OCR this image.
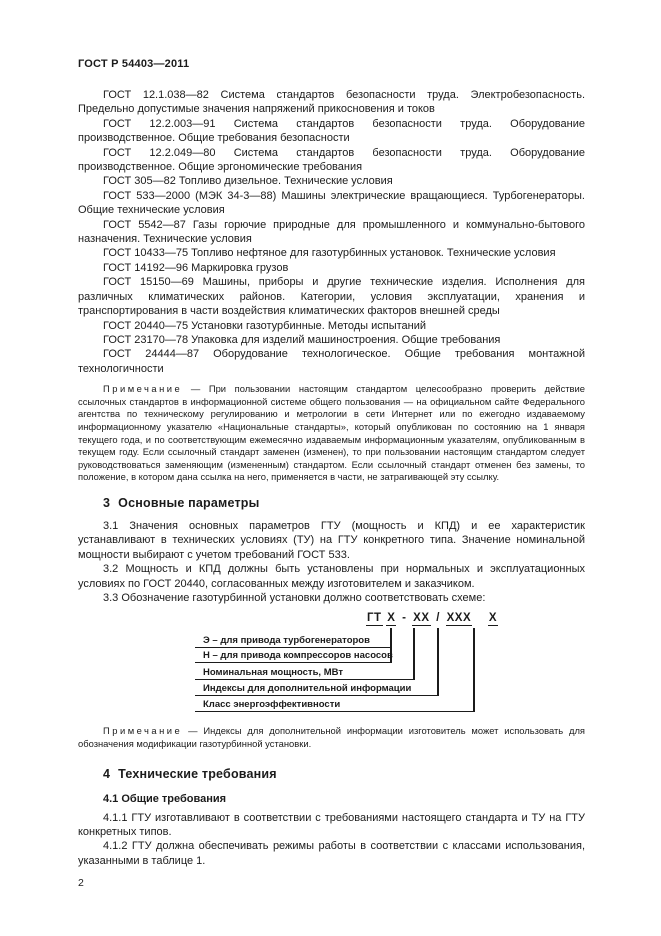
ГОСТ Р 54403—2011

ГОСТ 12.1.038—82 Система стандартов безопасности труда. Электробезопасность. Предельно допустимые значения напряжений прикосновения и токов

ГОСТ 12.2.003—91 Система стандартов безопасности труда. Оборудование производственное. Общие требования безопасности

ГОСТ 12.2.049—80 Система стандартов безопасности труда. Оборудование производственное. Общие эргономические требования

ГОСТ 305—82 Топливо дизельное. Технические условия

ГОСТ 533—2000 (МЭК 34-3—88) Машины электрические вращающиеся. Турбогенераторы. Общие технические условия

ГОСТ 5542—87 Газы горючие природные для промышленного и коммунально-бытового назначения. Технические условия

ГОСТ 10433—75 Топливо нефтяное для газотурбинных установок. Технические условия

ГОСТ 14192—96 Маркировка грузов

ГОСТ 15150—69 Машины, приборы и другие технические изделия. Исполнения для различных климатических районов. Категории, условия эксплуатации, хранения и транспортирования в части воздействия климатических факторов внешней среды

ГОСТ 20440—75 Установки газотурбинные. Методы испытаний

ГОСТ 23170—78 Упаковка для изделий машиностроения. Общие требования

ГОСТ 24444—87 Оборудование технологическое. Общие требования монтажной технологичности

Примечание — При пользовании настоящим стандартом целесообразно проверить действие ссылочных стандартов в информационной системе общего пользования — на официальном сайте Федерального агентства по техническому регулированию и метрологии в сети Интернет или по ежегодно издаваемому информационному указателю «Национальные стандарты», который опубликован по состоянию на 1 января текущего года, и по соответствующим ежемесячно издаваемым информационным указателям, опубликованным в текущем году. Если ссылочный стандарт заменен (изменен), то при пользовании настоящим стандартом следует руководствоваться заменяющим (измененным) стандартом. Если ссылочный стандарт отменен без замены, то положение, в котором дана ссылка на него, применяется в части, не затрагивающей эту ссылку.

3 Основные параметры

3.1 Значения основных параметров ГТУ (мощность и КПД) и ее характеристик устанавливают в технических условиях (ТУ) на ГТУ конкретного типа. Значение номинальной мощности выбирают с учетом требований ГОСТ 533.

3.2 Мощность и КПД должны быть установлены при нормальных и эксплуатационных условиях по ГОСТ 20440, согласованных между изготовителем и заказчиком.

3.3 Обозначение газотурбинной установки должно соответствовать схеме:

ГТ Х - ХХ / ХХХ Х
Э – для привода турбогенераторов
Н – для привода компрессоров насосов
Номинальная мощность, МВт
Индексы для дополнительной информации
Класс энергоэффективности

Примечание — Индексы для дополнительной информации изготовитель может использовать для обозначения модификации газотурбинной установки.

4 Технические требования
4.1 Общие требования

4.1.1 ГТУ изготавливают в соответствии с требованиями настоящего стандарта и ТУ на ГТУ конкретных типов.

4.1.2 ГТУ должна обеспечивать режимы работы в соответствии с классами использования, указанными в таблице 1.

2
